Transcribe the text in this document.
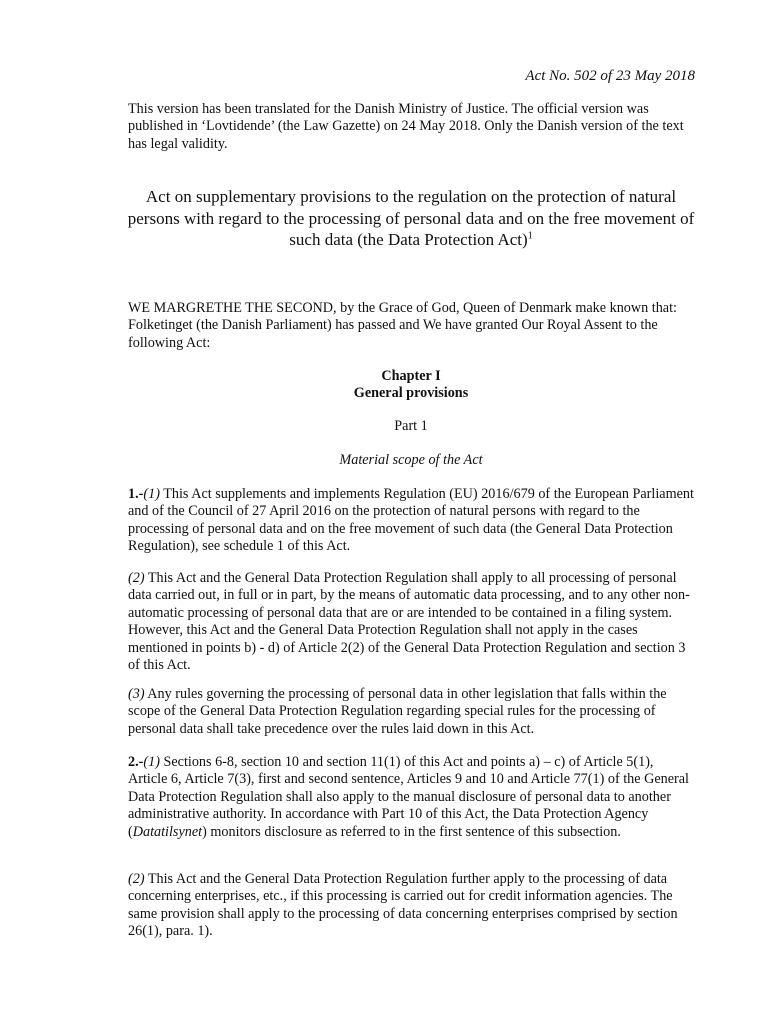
Act No. 502 of 23 May 2018

This version has been translated for the Danish Ministry of Justice. The official version was published in ‘Lovtidende’ (the Law Gazette) on 24 May 2018. Only the Danish version of the text has legal validity.

Act on supplementary provisions to the regulation on the protection of natural persons with regard to the processing of personal data and on the free movement of such data (the Data Protection Act)$^1$

WE MARGRETHE THE SECOND, by the Grace of God, Queen of Denmark make known that: Folketinget (the Danish Parliament) has passed and We have granted Our Royal Assent to the following Act:

Chapter I
General provisions
Part 1
Material scope of the Act

1.-(1) This Act supplements and implements Regulation (EU) 2016/679 of the European Parliament and of the Council of 27 April 2016 on the protection of natural persons with regard to the processing of personal data and on the free movement of such data (the General Data Protection Regulation), see schedule 1 of this Act.

(2) This Act and the General Data Protection Regulation shall apply to all processing of personal data carried out, in full or in part, by the means of automatic data processing, and to any other non-automatic processing of personal data that are or are intended to be contained in a filing system. However, this Act and the General Data Protection Regulation shall not apply in the cases mentioned in points b) - d) of Article 2(2) of the General Data Protection Regulation and section 3 of this Act.

(3) Any rules governing the processing of personal data in other legislation that falls within the scope of the General Data Protection Regulation regarding special rules for the processing of personal data shall take precedence over the rules laid down in this Act.

2.-(1) Sections 6-8, section 10 and section 11(1) of this Act and points a) – c) of Article 5(1), Article 6, Article 7(3), first and second sentence, Articles 9 and 10 and Article 77(1) of the General Data Protection Regulation shall also apply to the manual disclosure of personal data to another administrative authority. In accordance with Part 10 of this Act, the Data Protection Agency (Datatilsynet) monitors disclosure as referred to in the first sentence of this subsection.

(2) This Act and the General Data Protection Regulation further apply to the processing of data concerning enterprises, etc., if this processing is carried out for credit information agencies. The same provision shall apply to the processing of data concerning enterprises comprised by section 26(1), para. 1).
